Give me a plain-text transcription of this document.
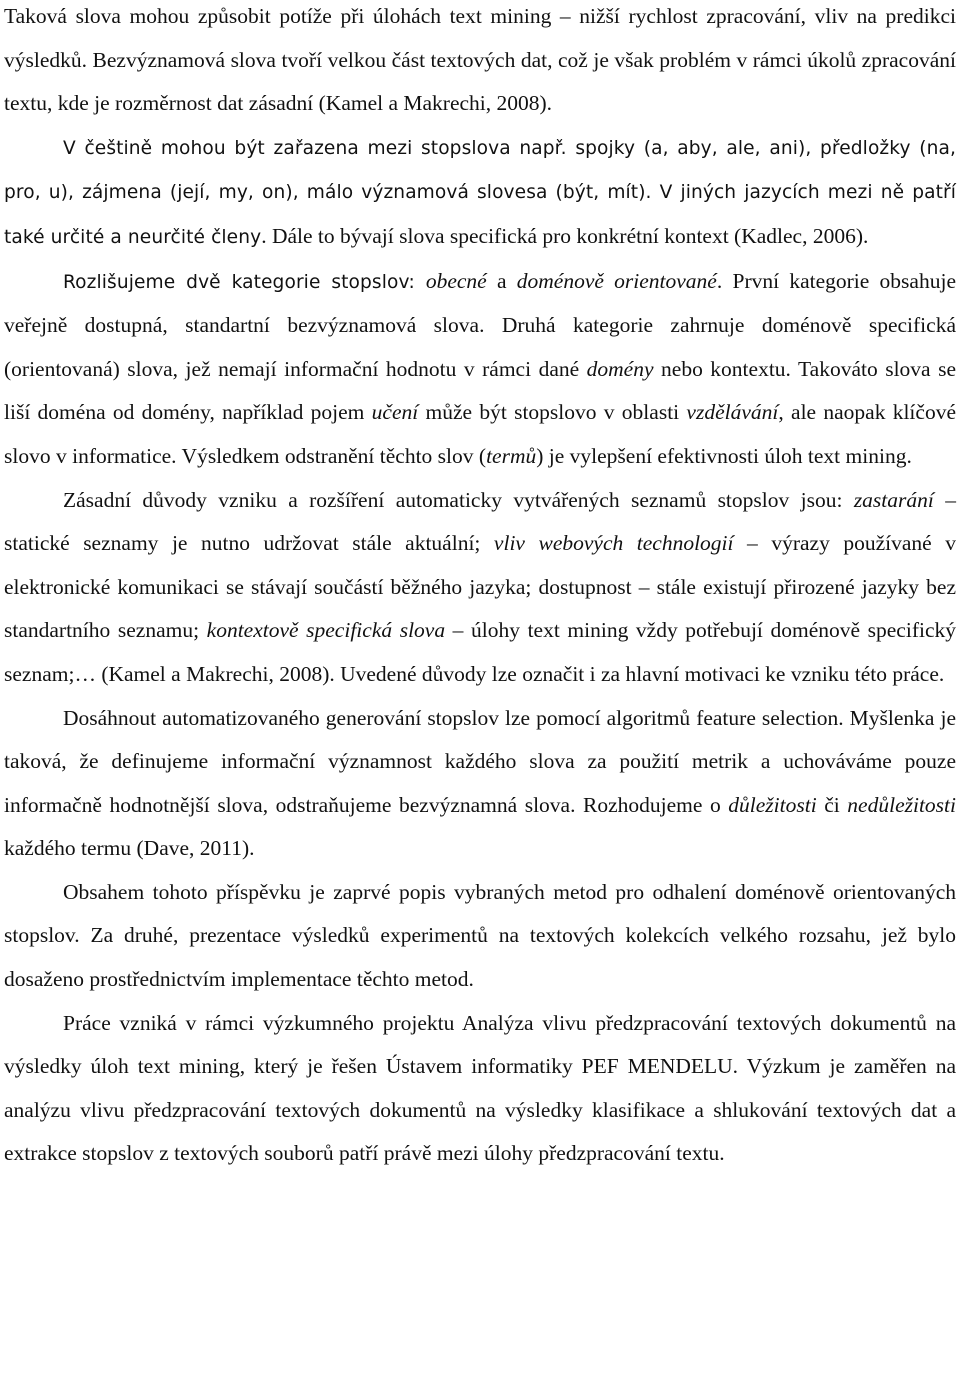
Taková slova mohou způsobit potíže při úlohách text mining – nižší rychlost zpracování, vliv na predikci výsledků. Bezvýznamová slova tvoří velkou část textových dat, což je však problém v rámci úkolů zpracování textu, kde je rozměrnost dat zásadní (Kamel a Makrechi, 2008).

V češtině mohou být zařazena mezi stopslova např. spojky (a, aby, ale, ani), předložky (na, pro, u), zájmena (její, my, on), málo významová slovesa (být, mít). V jiných jazycích mezi ně patří také určité a neurčité členy. Dále to bývají slova specifická pro konkrétní kontext (Kadlec, 2006).

Rozlišujeme dvě kategorie stopslov: obecné a doménově orientované. První kategorie obsahuje veřejně dostupná, standartní bezvýznamová slova. Druhá kategorie zahrnuje doménově specifická (orientovaná) slova, jež nemají informační hodnotu v rámci dané domény nebo kontextu. Takováto slova se liší doména od domény, například pojem učení může být stopslovo v oblasti vzdělávání, ale naopak klíčové slovo v informatice. Výsledkem odstranění těchto slov (termů) je vylepšení efektivnosti úloh text mining.

Zásadní důvody vzniku a rozšíření automaticky vytvářených seznamů stopslov jsou: zastarání – statické seznamy je nutno udržovat stále aktuální; vliv webových technologií – výrazy používané v elektronické komunikaci se stávají součástí běžného jazyka; dostupnost – stále existují přirozené jazyky bez standartního seznamu; kontextově specifická slova – úlohy text mining vždy potřebují doménově specifický seznam;… (Kamel a Makrechi, 2008). Uvedené důvody lze označit i za hlavní motivaci ke vzniku této práce.

Dosáhnout automatizovaného generování stopslov lze pomocí algoritmů feature selection. Myšlenka je taková, že definujeme informační významnost každého slova za použití metrik a uchováváme pouze informačně hodnotnější slova, odstraňujeme bezvýznamná slova. Rozhodujeme o důležitosti či nedůležitosti každého termu (Dave, 2011).

Obsahem tohoto příspěvku je zaprvé popis vybraných metod pro odhalení doménově orientovaných stopslov. Za druhé, prezentace výsledků experimentů na textových kolekcích velkého rozsahu, jež bylo dosaženo prostřednictvím implementace těchto metod.

Práce vzniká v rámci výzkumného projektu Analýza vlivu předzpracování textových dokumentů na výsledky úloh text mining, který je řešen Ústavem informatiky PEF MENDELU. Výzkum je zaměřen na analýzu vlivu předzpracování textových dokumentů na výsledky klasifikace a shlukování textových dat a extrakce stopslov z textových souborů patří právě mezi úlohy předzpracování textu.
